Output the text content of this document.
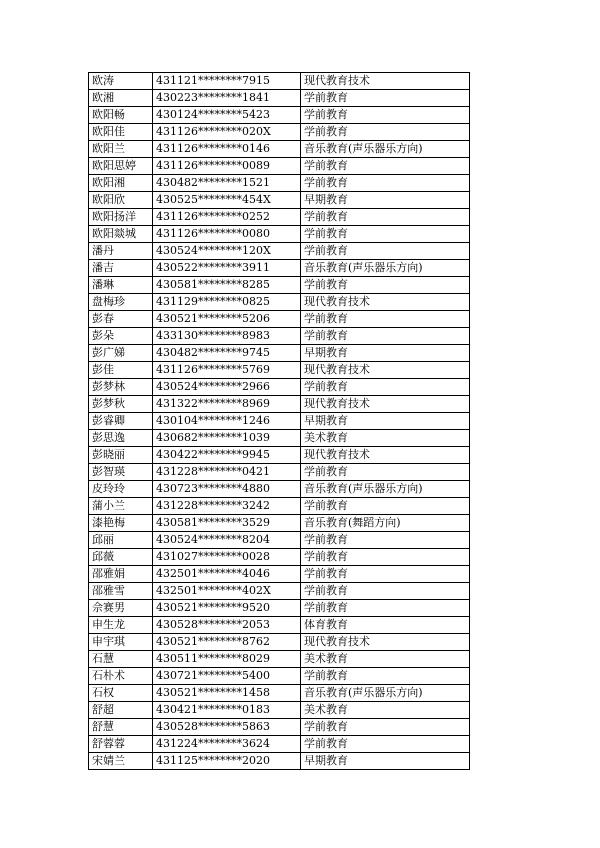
欧涛	431121********7915	现代教育技术
欧湘	430223********1841	学前教育
欧阳畅	430124********5423	学前教育
欧阳佳	431126********020X	学前教育
欧阳兰	431126********0146	音乐教育(声乐器乐方向)
欧阳思婷	431126********0089	学前教育
欧阳湘	430482********1521	学前教育
欧阳欣	430525********454X	早期教育
欧阳扬洋	431126********0252	学前教育
欧阳燚城	431126********0080	学前教育
潘丹	430524********120X	学前教育
潘吉	430522********3911	音乐教育(声乐器乐方向)
潘琳	430581********8285	学前教育
盘梅珍	431129********0825	现代教育技术
彭春	430521********5206	学前教育
彭朵	433130********8983	学前教育
彭广娣	430482********9745	早期教育
彭佳	431126********5769	现代教育技术
彭梦林	430524********2966	学前教育
彭梦秋	431322********8969	现代教育技术
彭睿卿	430104********1246	早期教育
彭思逸	430682********1039	美术教育
彭晓丽	430422********9945	现代教育技术
彭智瑛	431228********0421	学前教育
皮玲玲	430723********4880	音乐教育(声乐器乐方向)
蒲小兰	431228********3242	学前教育
漆艳梅	430581********3529	音乐教育(舞蹈方向)
邱丽	430524********8204	学前教育
邱薇	431027********0028	学前教育
邵雅娟	432501********4046	学前教育
邵雅雪	432501********402X	学前教育
佘赛男	430521********9520	学前教育
申生龙	430528********2053	体育教育
申宇琪	430521********8762	现代教育技术
石慧	430511********8029	美术教育
石朴术	430721********5400	学前教育
石权	430521********1458	音乐教育(声乐器乐方向)
舒超	430421********0183	美术教育
舒慧	430528********5863	学前教育
舒蓉蓉	431224********3624	学前教育
宋婧兰	431125********2020	早期教育
